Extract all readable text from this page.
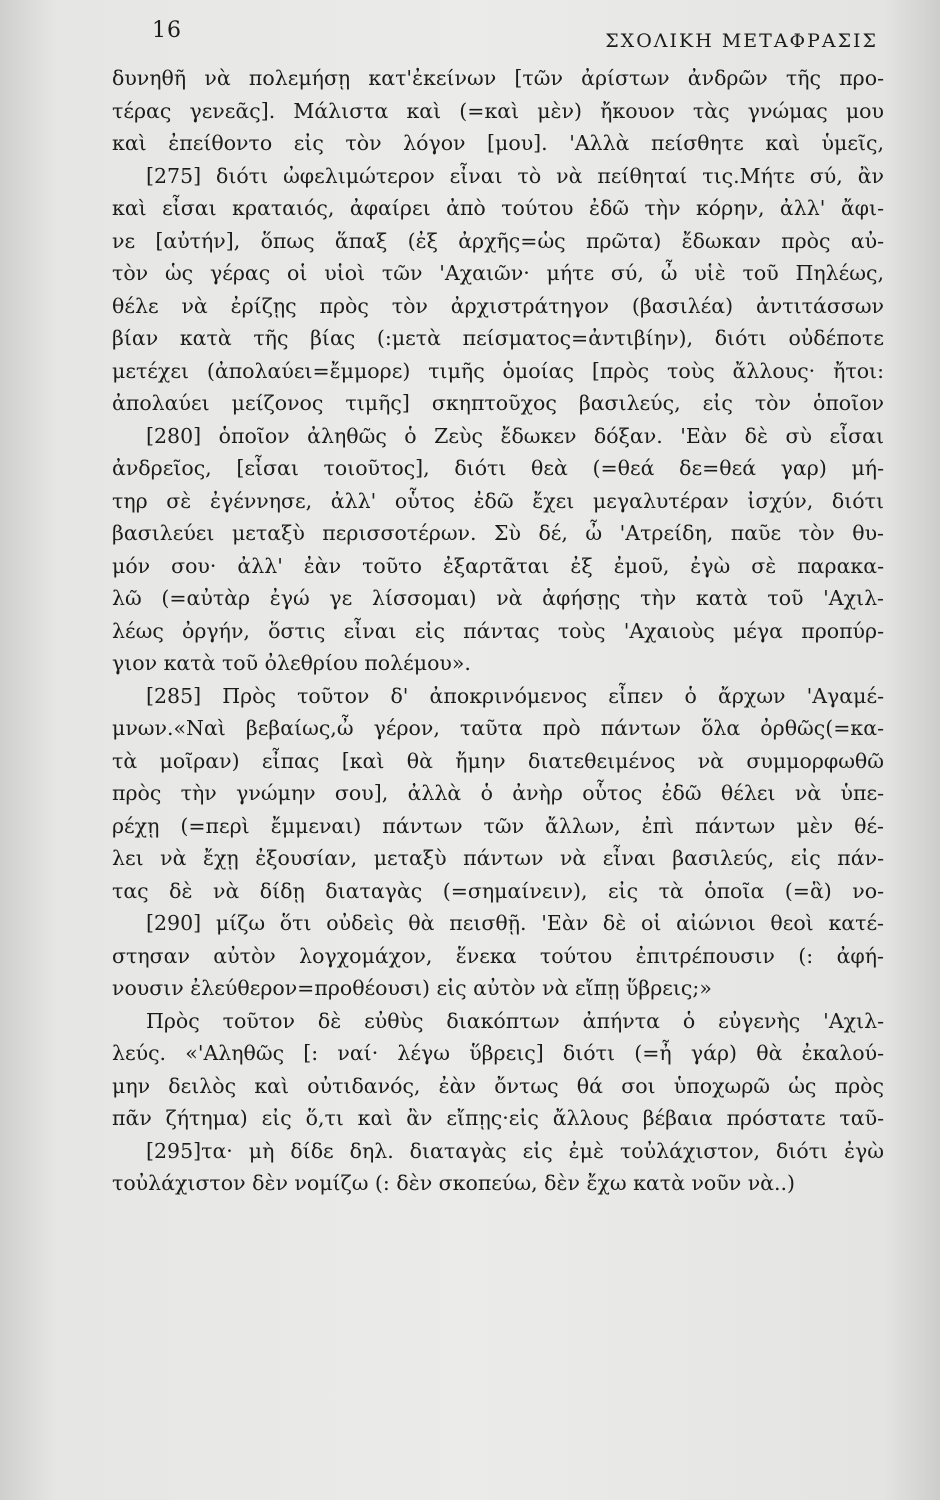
16	ΣΧΟΛΙΚΗ ΜΕΤΑΦΡΑΣΙΣ
δυνηθῆ νὰ πολεμήσῃ κατ'ἐκείνων [τῶν ἀρίστων ἀνδρῶν τῆς προ-
τέρας γενεᾶς]. Μάλιστα καὶ (=καὶ μὲν) ἤκουον τὰς γνώμας μου
καὶ ἐπείθοντο εἰς τὸν λόγον [μου]. 'Αλλὰ πείσθητε καὶ ὑμεῖς,
[275] διότι ὠφελιμώτερον εἶναι τὸ νὰ πείθηταί τις.Μήτε σύ, ἂν
καὶ εἶσαι κραταιός, ἀφαίρει ἀπὸ τούτου ἐδῶ τὴν κόρην, ἀλλ' ἄφι-
νε [αὐτήν], ὅπως ἅπαξ (ἐξ ἀρχῆς=ὡς πρῶτα) ἔδωκαν πρὸς αὐ-
τὸν ὡς γέρας οἱ υἱοὶ τῶν 'Αχαιῶν· μήτε σύ, ὦ υἱὲ τοῦ Πηλέως,
θέλε νὰ ἐρίζῃς πρὸς τὸν ἀρχιστράτηγον (βασιλέα) ἀντιτάσσων
βίαν κατὰ τῆς βίας (:μετὰ πείσματος=ἀντιβίην), διότι οὐδέποτε
μετέχει (ἀπολαύει=ἔμμορε) τιμῆς ὁμοίας [πρὸς τοὺς ἄλλους· ἤτοι:
ἀπολαύει μείζονος τιμῆς] σκηπτοῦχος βασιλεύς, εἰς τὸν ὁποῖον
[280] ὁποῖον ἀληθῶς ὁ Ζεὺς ἔδωκεν δόξαν. 'Εὰν δὲ σὺ εἶσαι
ἀνδρεῖος, [εἶσαι τοιοῦτος], διότι θεὰ (=θεά δε=θεά γαρ) μή-
τηρ σὲ ἐγέννησε, ἀλλ' οὗτος ἐδῶ ἔχει μεγαλυτέραν ἰσχύν, διότι
βασιλεύει μεταξὺ περισσοτέρων. Σὺ δέ, ὦ 'Ατρείδη, παῦε τὸν θυ-
μόν σου· ἀλλ' ἐὰν τοῦτο ἐξαρτᾶται ἐξ ἐμοῦ, ἐγὼ σὲ παρακα-
λῶ (=αὐτὰρ ἐγώ γε λίσσομαι) νὰ ἀφήσῃς τὴν κατὰ τοῦ 'Αχιλ-
λέως ὀργήν, ὅστις εἶναι εἰς πάντας τοὺς 'Αχαιοὺς μέγα προπύρ-
γιον κατὰ τοῦ ὀλεθρίου πολέμου».
[285] Πρὸς τοῦτον δ' ἀποκρινόμενος εἶπεν ὁ ἄρχων 'Αγαμέ-
μνων.«Ναὶ βεβαίως,ὦ γέρον, ταῦτα πρὸ πάντων ὅλα ὀρθῶς(=κα-
τὰ μοῖραν) εἶπας [καὶ θὰ ἤμην διατεθειμένος νὰ συμμορφωθῶ
πρὸς τὴν γνώμην σου], ἀλλὰ ὁ ἀνὴρ οὗτος ἐδῶ θέλει νὰ ὑπε-
ρέχῃ (=περὶ ἔμμεναι) πάντων τῶν ἄλλων, ἐπὶ πάντων μὲν θέ-
λει νὰ ἔχῃ ἐξουσίαν, μεταξὺ πάντων νὰ εἶναι βασιλεύς, εἰς πάν-
τας δὲ νὰ δίδῃ διαταγὰς (=σημαίνειν), εἰς τὰ ὁποῖα (=ἃ) νο-
[290] μίζω ὅτι οὐδεὶς θὰ πεισθῇ. 'Εὰν δὲ οἱ αἰώνιοι θεοὶ κατέ-
στησαν αὐτὸν λογχομάχον, ἕνεκα τούτου ἐπιτρέπουσιν (: ἀφή-
νουσιν ἐλεύθερον=προθέουσι) εἰς αὐτὸν νὰ εἴπῃ ὕβρεις;»
Πρὸς τοῦτον δὲ εὐθὺς διακόπτων ἀπήντα ὁ εὐγενὴς 'Αχιλ-
λεύς. «'Αληθῶς [: ναί· λέγω ὕβρεις] διότι (=ἦ γάρ) θὰ ἐκαλού-
μην δειλὸς καὶ οὐτιδανός, ἐὰν ὄντως θά σοι ὑποχωρῶ ὡς πρὸς
πᾶν ζήτημα) εἰς ὅ,τι καὶ ἂν εἴπῃς·εἰς ἄλλους βέβαια πρόστατε ταῦ-
[295]τα· μὴ δίδε δηλ. διαταγὰς εἰς ἐμὲ τοὐλάχιστον, διότι ἐγὼ
τοὐλάχιστον δὲν νομίζω (: δὲν σκοπεύω, δὲν ἔχω κατὰ νοῦν νὰ..)
